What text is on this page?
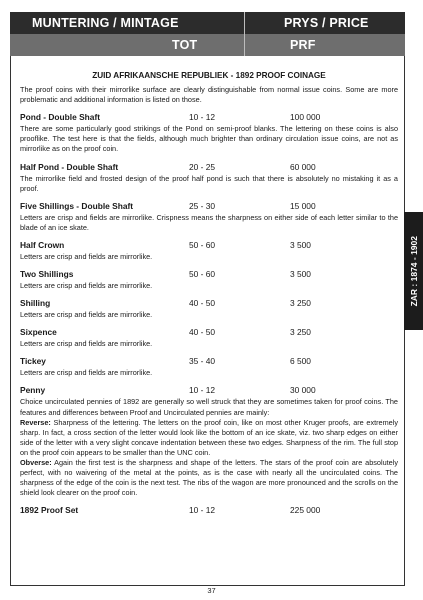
MUNTERING / MINTAGE	PRYS / PRICE
TOT	PRF
ZAR : 1874 - 1902
ZUID AFRIKAANSCHE REPUBLIEK - 1892 PROOF COINAGE

The proof coins with their mirrorlike surface are clearly distinguishable from normal issue coins. Some are more problematic and additional information is listed on those.

Pond - Double Shaft	10 - 12	100 000

There are some particularly good strikings of the Pond on semi-proof blanks. The lettering on these coins is also prooflike. The test here is that the fields, although much brighter than ordinary circulation issue coins, are not as mirrorlike as on the proof coin.

Half Pond - Double Shaft	20 - 25	60 000

The mirrorlike field and frosted design of the proof half pond is such that there is absolutely no mistaking it as a proof.

Five Shillings - Double Shaft	25 - 30	15 000

Letters are crisp and fields are mirrorlike. Crispness means the sharpness on either side of each letter similar to the blade of an ice skate.

Half Crown	50 - 60	3 500

Letters are crisp and fields are mirrorlike.

Two Shillings	50 - 60	3 500

Letters are crisp and fields are mirrorlike.

Shilling	40 - 50	3 250

Letters are crisp and fields are mirrorlike.

Sixpence	40 - 50	3 250

Letters are crisp and fields are mirrorlike.

Tickey	35 - 40	6 500

Letters are crisp and fields are mirrorlike.

Penny	10 - 12	30 000

Choice uncirculated pennies of 1892 are generally so well struck that they are sometimes taken for proof coins. The features and differences between Proof and Uncirculated pennies are mainly:

Reverse: Sharpness of the lettering. The letters on the proof coin, like on most other Kruger proofs, are extremely sharp. In fact, a cross section of the letter would look like the bottom of an ice skate, viz. two sharp edges on either side of the letter with a very slight concave indentation between these two edges. Sharpness of the rim. The full stop on the proof coin appears to be smaller than the UNC coin.

Obverse: Again the first test is the sharpness and shape of the letters. The stars of the proof coin are absolutely perfect, with no waivering of the metal at the points, as is the case with nearly all the uncirculated coins. The sharpness of the edge of the coin is the next test. The ribs of the wagon are more pronounced and the scrolls on the shield look clearer on the proof coin.

1892 Proof Set	10 - 12	225 000
37
